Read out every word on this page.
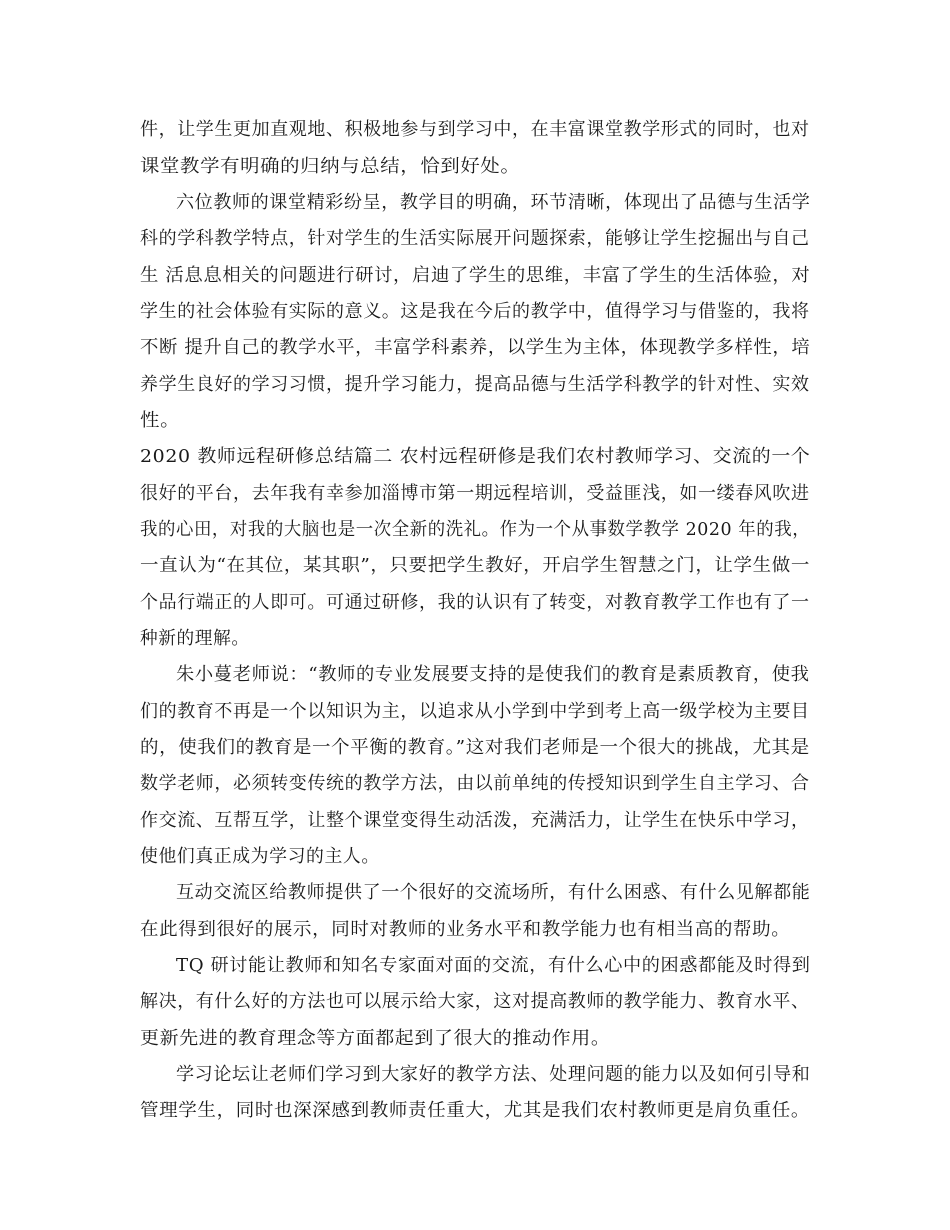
件，让学生更加直观地、积极地参与到学习中，在丰富课堂教学形式的同时，也对
课堂教学有明确的归纳与总结，恰到好处。
六位教师的课堂精彩纷呈，教学目的明确，环节清晰，体现出了品德与生活学
科的学科教学特点，针对学生的生活实际展开问题探索，能够让学生挖掘出与自己
生 活息息相关的问题进行研讨，启迪了学生的思维，丰富了学生的生活体验，对
学生的社会体验有实际的意义。这是我在今后的教学中，值得学习与借鉴的，我将
不断 提升自己的教学水平，丰富学科素养，以学生为主体，体现教学多样性，培
养学生良好的学习习惯，提升学习能力，提高品德与生活学科教学的针对性、实效
性。
2020 教师远程研修总结篇二 农村远程研修是我们农村教师学习、交流的一个
很好的平台，去年我有幸参加淄博市第一期远程培训，受益匪浅，如一缕春风吹进
我的心田，对我的大脑也是一次全新的洗礼。作为一个从事数学教学 2020 年的我，
一直认为“在其位，某其职”，只要把学生教好，开启学生智慧之门，让学生做一
个品行端正的人即可。可通过研修，我的认识有了转变，对教育教学工作也有了一
种新的理解。
朱小蔓老师说：“教师的专业发展要支持的是使我们的教育是素质教育，使我
们的教育不再是一个以知识为主，以追求从小学到中学到考上高一级学校为主要目
的，使我们的教育是一个平衡的教育。”这对我们老师是一个很大的挑战，尤其是
数学老师，必须转变传统的教学方法，由以前单纯的传授知识到学生自主学习、合
作交流、互帮互学，让整个课堂变得生动活泼，充满活力，让学生在快乐中学习，
使他们真正成为学习的主人。
互动交流区给教师提供了一个很好的交流场所，有什么困惑、有什么见解都能
在此得到很好的展示，同时对教师的业务水平和教学能力也有相当高的帮助。
TQ 研讨能让教师和知名专家面对面的交流，有什么心中的困惑都能及时得到
解决，有什么好的方法也可以展示给大家，这对提高教师的教学能力、教育水平、
更新先进的教育理念等方面都起到了很大的推动作用。
学习论坛让老师们学习到大家好的教学方法、处理问题的能力以及如何引导和
管理学生，同时也深深感到教师责任重大，尤其是我们农村教师更是肩负重任。
